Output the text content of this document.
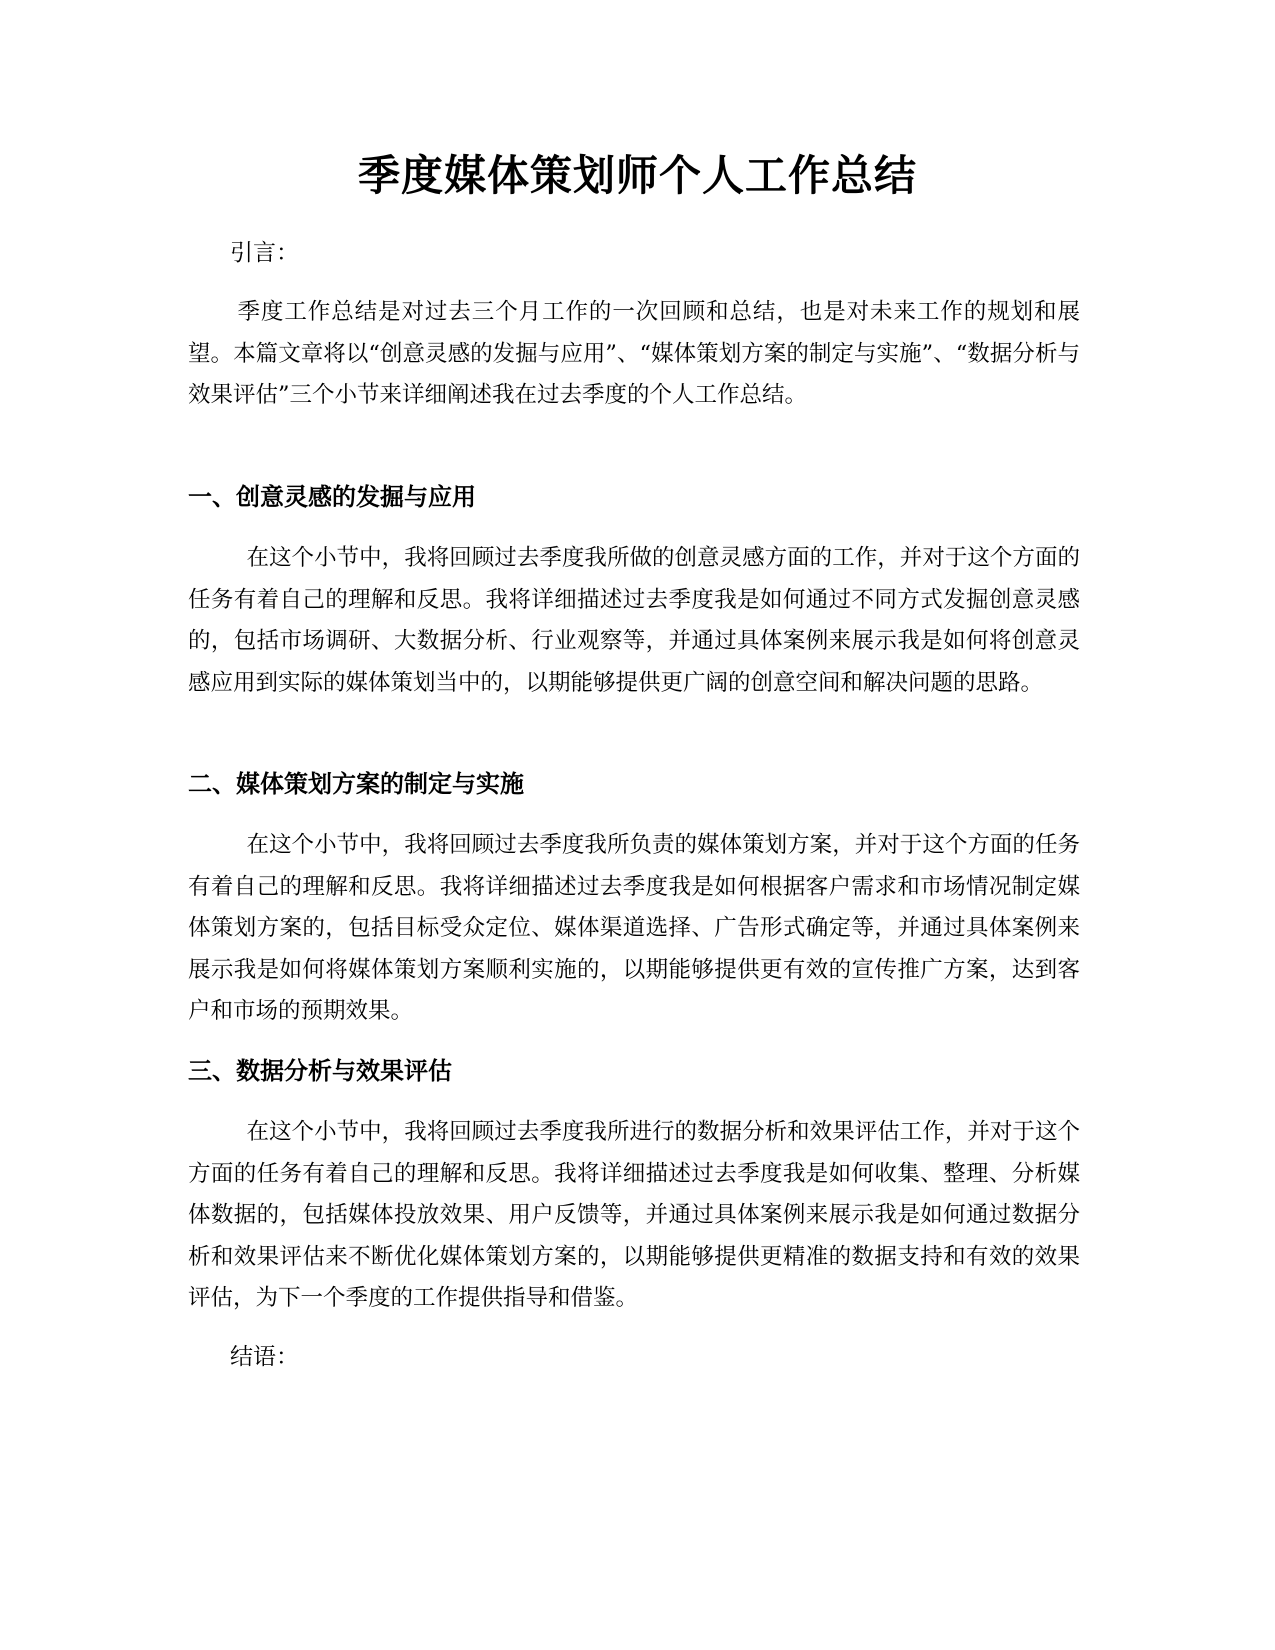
季度媒体策划师个人工作总结
引言：

季度工作总结是对过去三个月工作的一次回顾和总结，也是对未来工作的规划和展望。本篇文章将以“创意灵感的发掘与应用”、“媒体策划方案的制定与实施”、“数据分析与效果评估”三个小节来详细阐述我在过去季度的个人工作总结。

一、创意灵感的发掘与应用

在这个小节中，我将回顾过去季度我所做的创意灵感方面的工作，并对于这个方面的任务有着自己的理解和反思。我将详细描述过去季度我是如何通过不同方式发掘创意灵感的，包括市场调研、大数据分析、行业观察等，并通过具体案例来展示我是如何将创意灵感应用到实际的媒体策划当中的，以期能够提供更广阔的创意空间和解决问题的思路。

二、媒体策划方案的制定与实施

在这个小节中，我将回顾过去季度我所负责的媒体策划方案，并对于这个方面的任务有着自己的理解和反思。我将详细描述过去季度我是如何根据客户需求和市场情况制定媒体策划方案的，包括目标受众定位、媒体渠道选择、广告形式确定等，并通过具体案例来展示我是如何将媒体策划方案顺利实施的，以期能够提供更有效的宣传推广方案，达到客户和市场的预期效果。

三、数据分析与效果评估

在这个小节中，我将回顾过去季度我所进行的数据分析和效果评估工作，并对于这个方面的任务有着自己的理解和反思。我将详细描述过去季度我是如何收集、整理、分析媒体数据的，包括媒体投放效果、用户反馈等，并通过具体案例来展示我是如何通过数据分析和效果评估来不断优化媒体策划方案的，以期能够提供更精准的数据支持和有效的效果评估，为下一个季度的工作提供指导和借鉴。

结语：
